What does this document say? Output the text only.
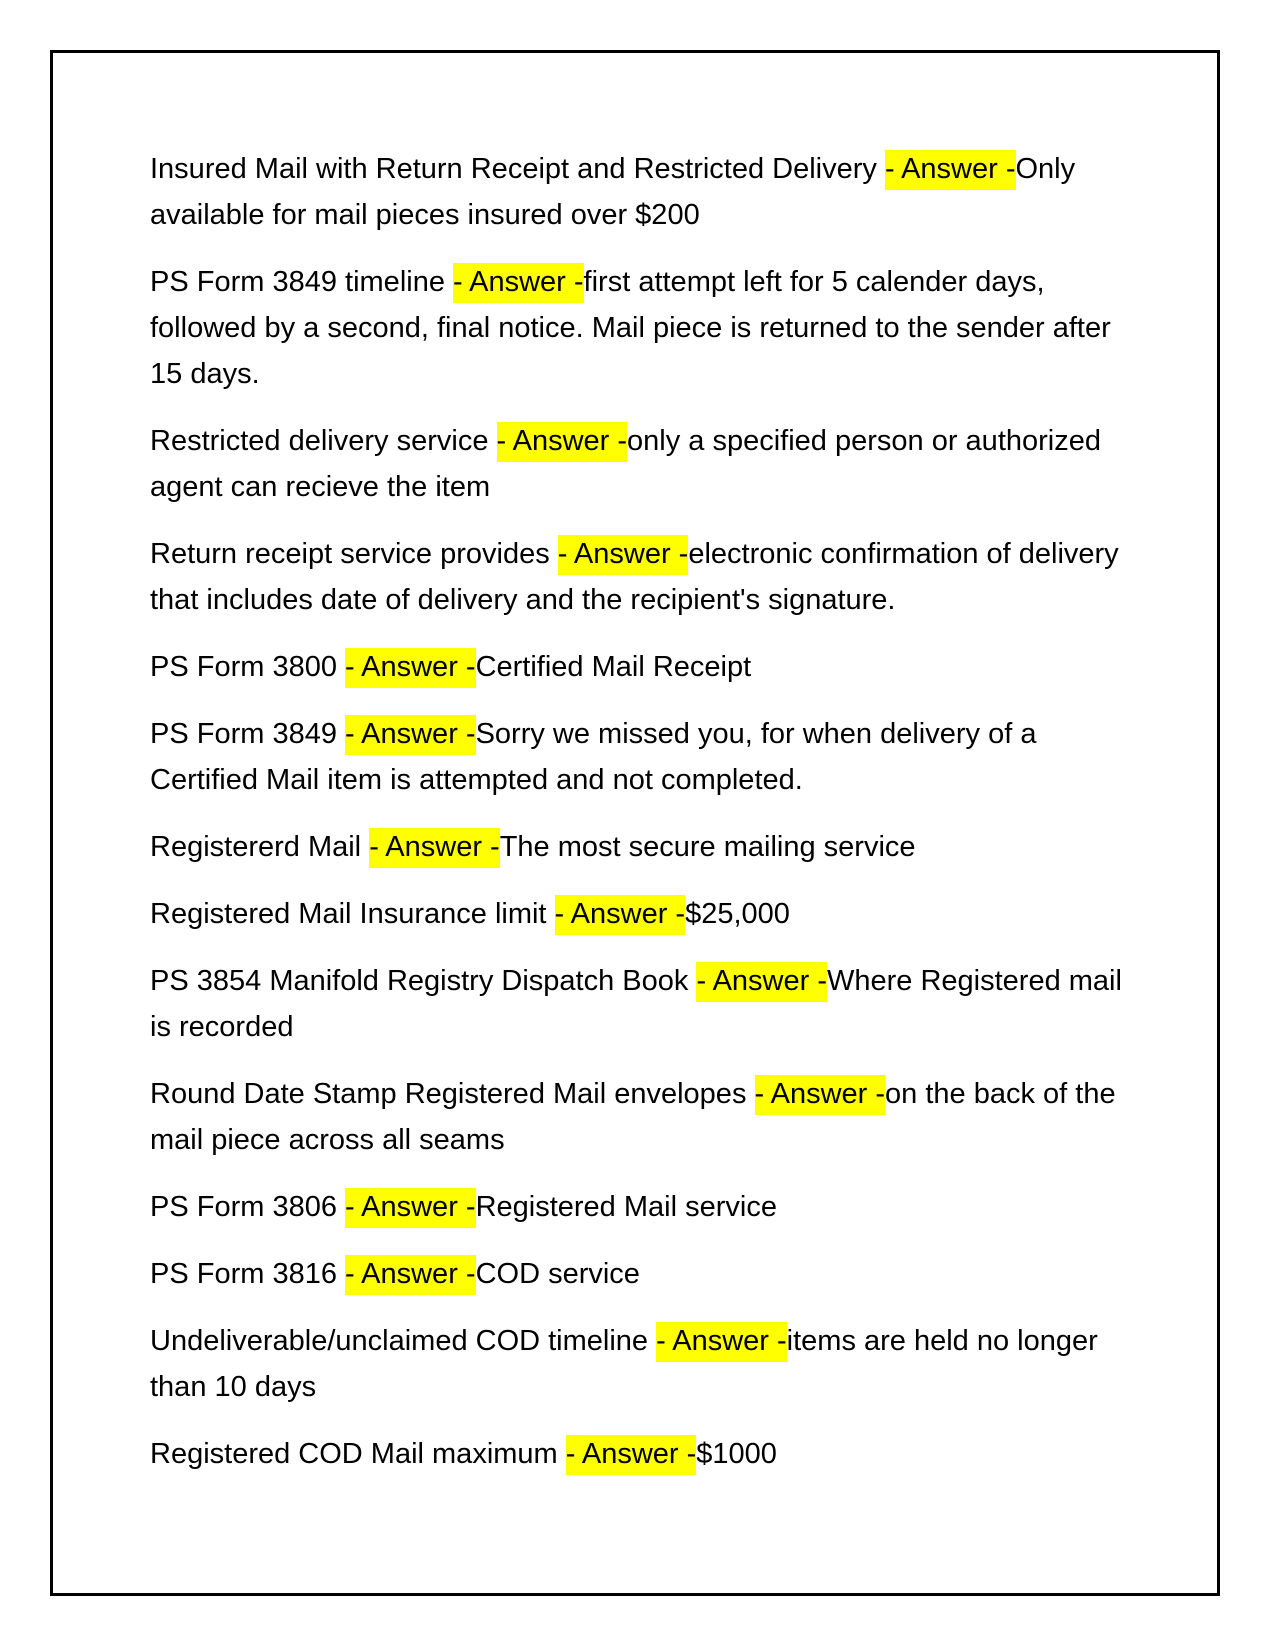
Insured Mail with Return Receipt and Restricted Delivery - Answer -Only available for mail pieces insured over $200

PS Form 3849 timeline - Answer -first attempt left for 5 calender days, followed by a second, final notice. Mail piece is returned to the sender after 15 days.

Restricted delivery service - Answer -only a specified person or authorized agent can recieve the item

Return receipt service provides - Answer -electronic confirmation of delivery that includes date of delivery and the recipient's signature.

PS Form 3800 - Answer -Certified Mail Receipt

PS Form 3849 - Answer -Sorry we missed you, for when delivery of a Certified Mail item is attempted and not completed.

Registererd Mail - Answer -The most secure mailing service

Registered Mail Insurance limit - Answer -$25,000

PS 3854 Manifold Registry Dispatch Book - Answer -Where Registered mail is recorded

Round Date Stamp Registered Mail envelopes - Answer -on the back of the mail piece across all seams

PS Form 3806 - Answer -Registered Mail service

PS Form 3816 - Answer -COD service

Undeliverable/unclaimed COD timeline - Answer -items are held no longer than 10 days

Registered COD Mail maximum - Answer -$1000
